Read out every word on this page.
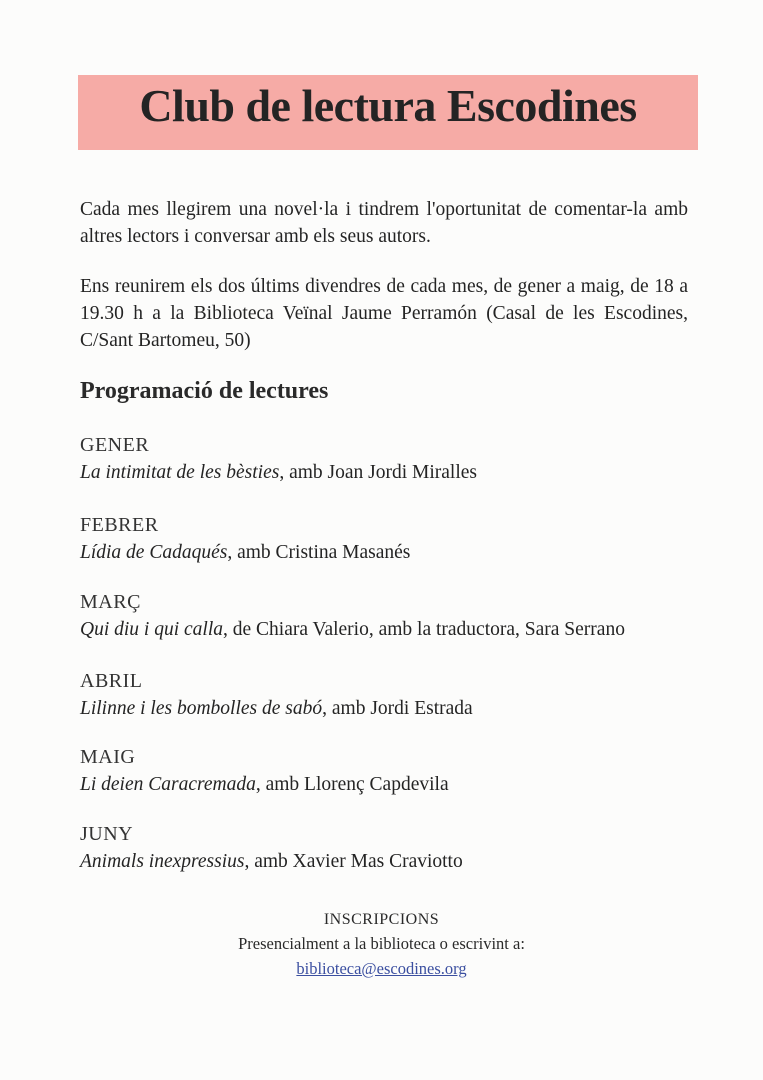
Club de lectura Escodines

Cada mes llegirem una novel·la i tindrem l'oportunitat de comentar-la amb altres lectors i conversar amb els seus autors.

Ens reunirem els dos últims divendres de cada mes, de gener a maig, de 18 a 19.30 h a la Biblioteca Veïnal Jaume Perramón (Casal de les Escodines, C/Sant Bartomeu, 50)

Programació de lectures
GENER
La intimitat de les bèsties, amb Joan Jordi Miralles
FEBRER
Lídia de Cadaqués, amb Cristina Masanés
MARÇ
Qui diu i qui calla, de Chiara Valerio, amb la traductora, Sara Serrano
ABRIL
Lilinne i les bombolles de sabó, amb Jordi Estrada
MAIG
Li deien Caracremada, amb Llorenç Capdevila
JUNY
Animals inexpressius, amb Xavier Mas Craviotto
INSCRIPCIONS
Presencialment a la biblioteca o escrivint a:
biblioteca@escodines.org
